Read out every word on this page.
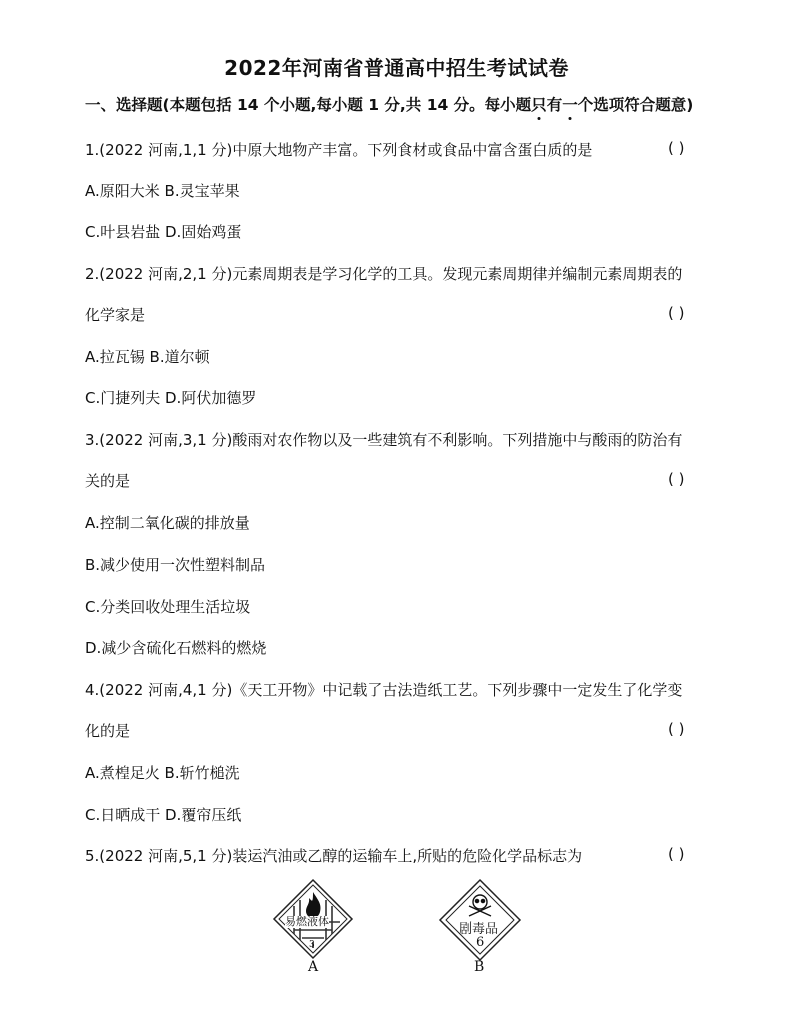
2022年河南省普通高中招生考试试卷
一、选择题(本题包括 14 个小题,每小题 1 分,共 14 分。每小题只有一个选项符合题意)
1.(2022 河南,1,1 分)中原大地物产丰富。下列食材或食品中富含蛋白质的是	( )
A.原阳大米 B.灵宝苹果
C.叶县岩盐 D.固始鸡蛋
2.(2022 河南,2,1 分)元素周期表是学习化学的工具。发现元素周期律并编制元素周期表的
化学家是	( )
A.拉瓦锡 B.道尔顿
C.门捷列夫 D.阿伏加德罗
3.(2022 河南,3,1 分)酸雨对农作物以及一些建筑有不利影响。下列措施中与酸雨的防治有
关的是	( )
A.控制二氧化碳的排放量
B.减少使用一次性塑料制品
C.分类回收处理生活垃圾
D.减少含硫化石燃料的燃烧
4.(2022 河南,4,1 分)《天工开物》中记载了古法造纸工艺。下列步骤中一定发生了化学变
化的是	( )
A.煮楻足火 B.斩竹槌洗
C.日晒成干 D.覆帘压纸
5.(2022 河南,5,1 分)装运汽油或乙醇的运输车上,所贴的危险化学品标志为	( )
易燃液体
3
A
剧毒品
6
B
